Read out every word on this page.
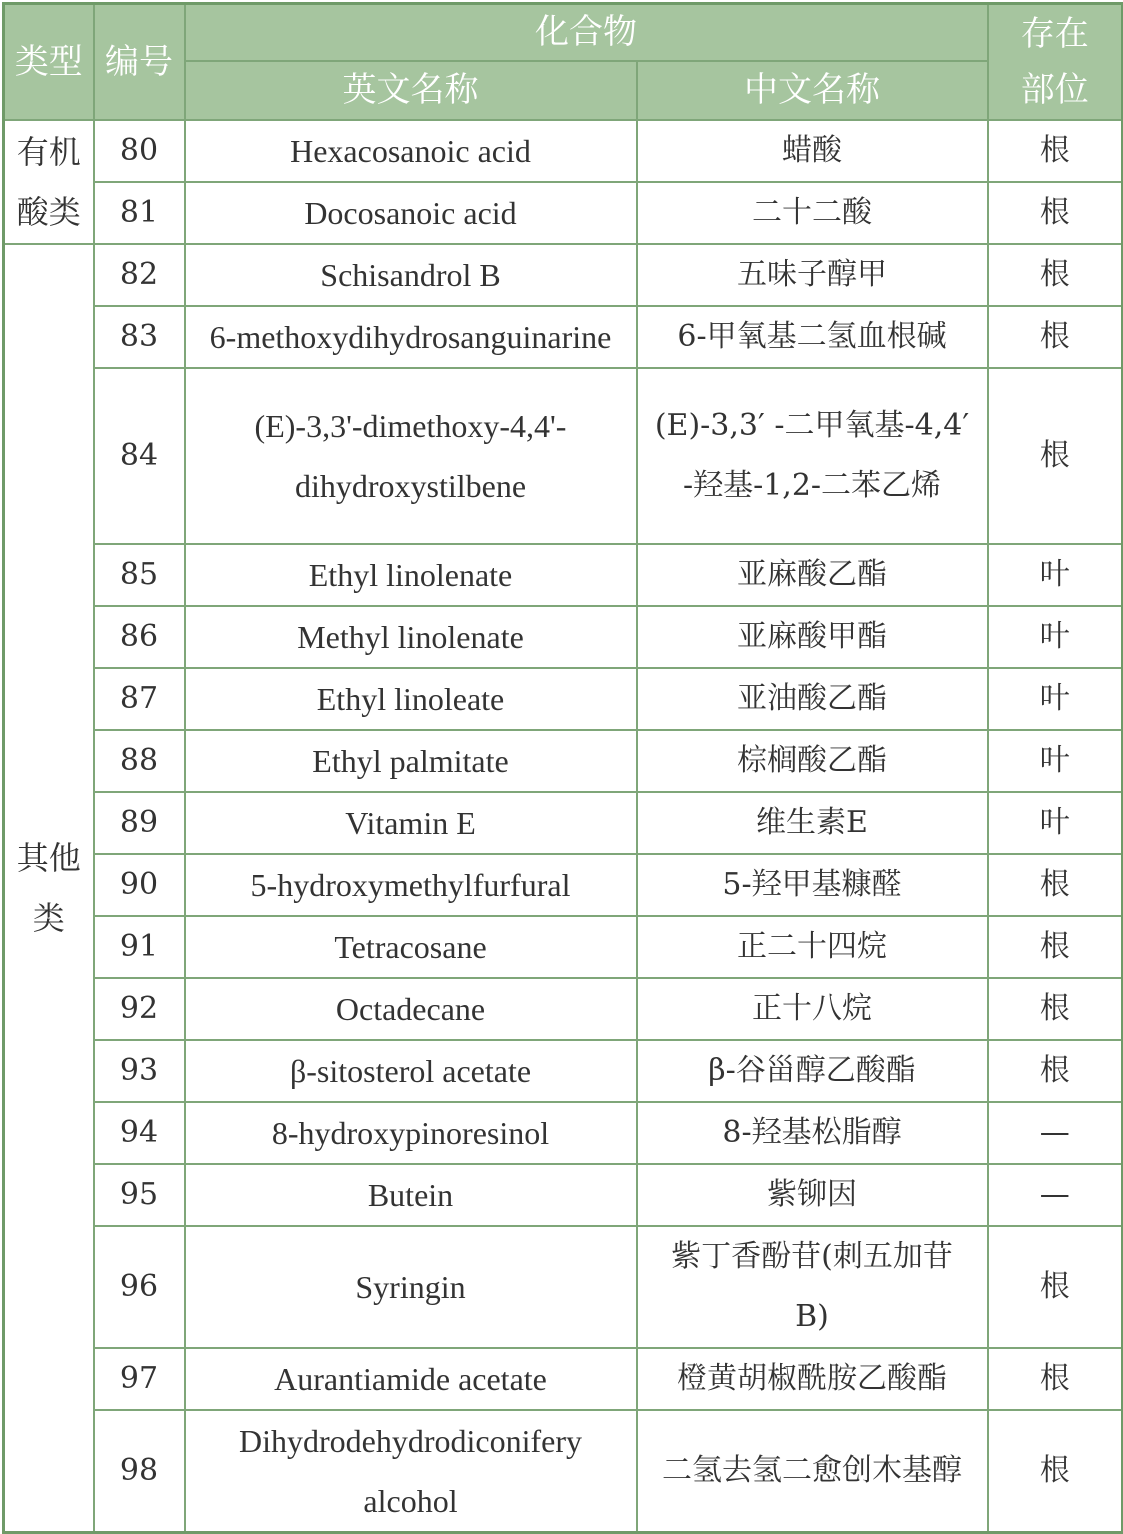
类型	编号	化合物		存在部位
		英文名称	中文名称	
有机酸类	80	Hexacosanoic acid	蜡酸	根
	81	Docosanoic acid	二十二酸	根
其他类	82	Schisandrol B	五味子醇甲	根
	83	6-methoxydihydrosanguinarine	6-甲氧基二氢血根碱	根
	84	(E)-3,3'-dimethoxy-4,4'-dihydroxystilbene	(E)-3,3′ -二甲氧基-4,4′ -羟基-1,2-二苯乙烯	根
	85	Ethyl linolenate	亚麻酸乙酯	叶
	86	Methyl linolenate	亚麻酸甲酯	叶
	87	Ethyl linoleate	亚油酸乙酯	叶
	88	Ethyl palmitate	棕榈酸乙酯	叶
	89	Vitamin E	维生素E	叶
	90	5-hydroxymethylfurfural	5-羟甲基糠醛	根
	91	Tetracosane	正二十四烷	根
	92	Octadecane	正十八烷	根
	93	β-sitosterol acetate	β-谷甾醇乙酸酯	根
	94	8-hydroxypinoresinol	8-羟基松脂醇	—
	95	Butein	紫铆因	—
	96	Syringin	紫丁香酚苷(刺五加苷B)	根
	97	Aurantiamide acetate	橙黄胡椒酰胺乙酸酯	根
	98	Dihydrodehydrodiconifery alcohol	二氢去氢二愈创木基醇	根
